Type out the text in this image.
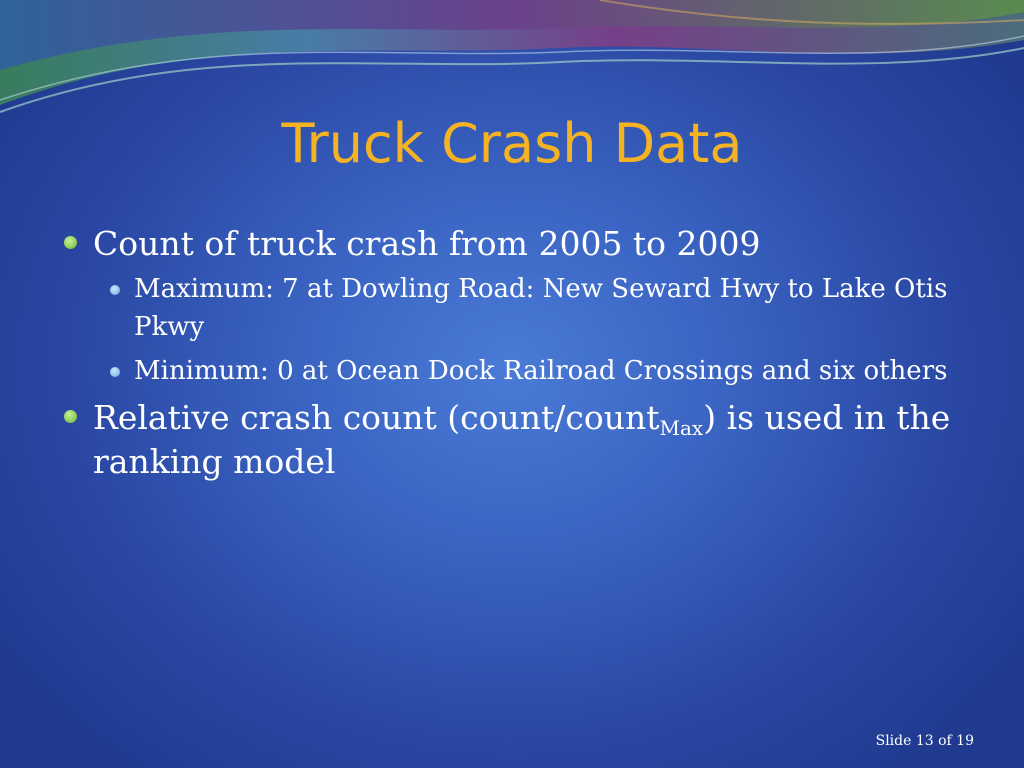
Truck Crash Data
Count of truck crash from 2005 to 2009
Maximum: 7 at Dowling Road: New Seward Hwy to Lake Otis Pkwy
Minimum: 0 at Ocean Dock Railroad Crossings and six others
Relative crash count (count/count$_{Max}$) is used in the ranking model
Slide 13 of 19
